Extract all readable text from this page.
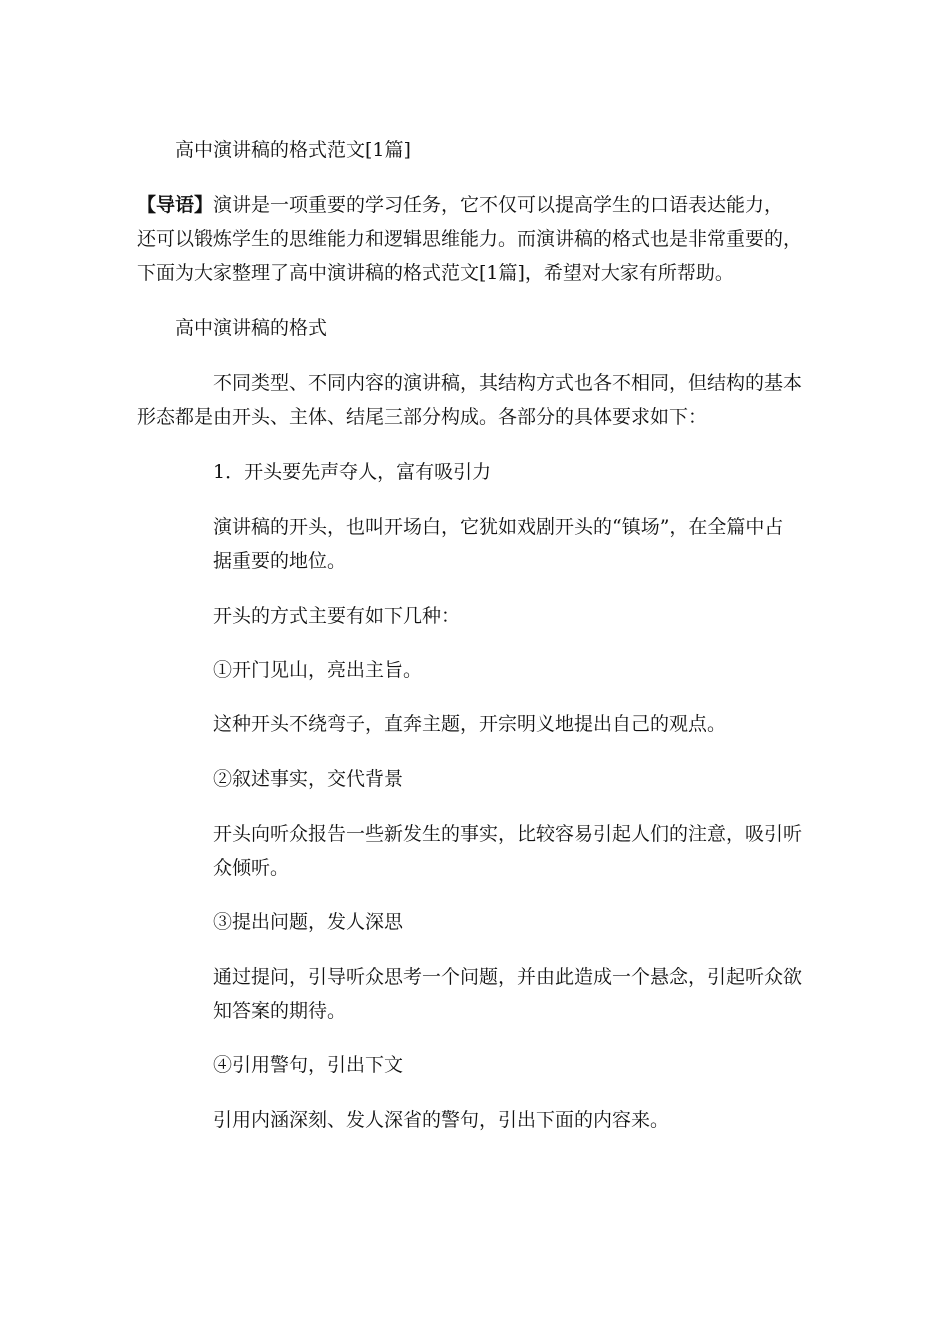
高中演讲稿的格式范文[1篇]

【导语】演讲是一项重要的学习任务，它不仅可以提高学生的口语表达能力，

还可以锻炼学生的思维能力和逻辑思维能力。而演讲稿的格式也是非常重要的，

下面为大家整理了高中演讲稿的格式范文[1篇]，希望对大家有所帮助。

高中演讲稿的格式

不同类型、不同内容的演讲稿，其结构方式也各不相同，但结构的基本

形态都是由开头、主体、结尾三部分构成。各部分的具体要求如下：

1．开头要先声夺人，富有吸引力

演讲稿的开头，也叫开场白，它犹如戏剧开头的“镇场”，在全篇中占

据重要的地位。

开头的方式主要有如下几种：

①开门见山，亮出主旨。

这种开头不绕弯子，直奔主题，开宗明义地提出自己的观点。

②叙述事实，交代背景

开头向听众报告一些新发生的事实，比较容易引起人们的注意，吸引听

众倾听。

③提出问题，发人深思

通过提问，引导听众思考一个问题，并由此造成一个悬念，引起听众欲

知答案的期待。

④引用警句，引出下文

引用内涵深刻、发人深省的警句，引出下面的内容来。
